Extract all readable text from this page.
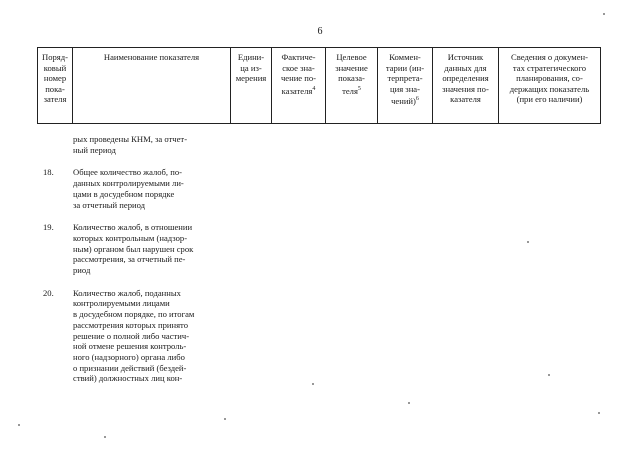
6
Поряд-
ковый
номер
пока-
зателя	Наименование показателя	Едини-
ца из-
мерения	Фактиче-
ское зна-
чение по-
казателя$^4$	Целевое
значение
показа-
теля$^5$	Коммен-
тарии (ин-
терпрета-
ция зна-
чений)$^6$	Источник
данных для
определения
значения по-
казателя	Сведения о докумен-
тах стратегического
планирования, со-
держащих показатель
(при его наличии)
рых проведены КНМ, за отчет-
ный период
18.	Общее количество жалоб, по-
данных контролируемыми ли-
цами в досудебном порядке
за отчетный период
19.	Количество жалоб, в отношении
которых контрольным (надзор-
ным) органом был нарушен срок
рассмотрения, за отчетный пе-
риод
20.	Количество жалоб, поданных
контролируемыми лицами
в досудебном порядке, по итогам
рассмотрения которых принято
решение о полной либо частич-
ной отмене решения контроль-
ного (надзорного) органа либо
о признании действий (бездей-
ствий) должностных лиц кон-
